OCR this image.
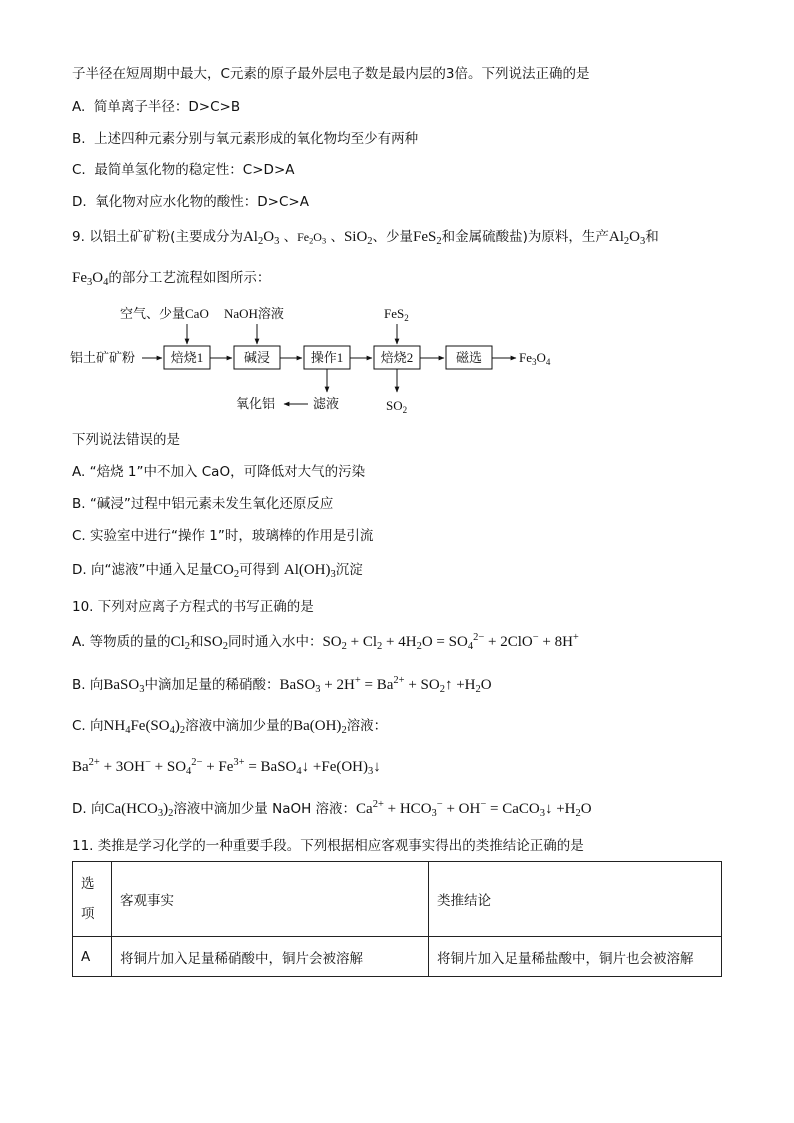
子半径在短周期中最大，C元素的原子最外层电子数是最内层的3倍。下列说法正确的是
A. 简单离子半径：D>C>B
B. 上述四种元素分别与氧元素形成的氧化物均至少有两种
C. 最简单氢化物的稳定性：C>D>A
D. 氧化物对应水化物的酸性：D>C>A
9. 以铝土矿矿粉(主要成分为$Al_2O_3$ 、$Fe_2O_3$ 、SiO$_2$、少量FeS$_2$和金属硫酸盐)为原料，生产$Al_2O_3$和
$Fe_3O_4$的部分工艺流程如图所示：
铝土矿矿粉	焙烧1	碱浸	操作1	焙烧2	磁选	$Fe_3O_4$
空气、少量CaO NaOH溶液	FeS$_2$
滤液
氧化铝	$SO_2$
下列说法错误的是
A. “焙烧 1”中不加入 CaO，可降低对大气的污染
B. “碱浸”过程中铝元素未发生氧化还原反应
C. 实验室中进行“操作 1”时，玻璃棒的作用是引流
D. 向“滤液”中通入足量$CO_2$可得到 $Al(OH)_3$沉淀
10. 下列对应离子方程式的书写正确的是
A. 等物质的量的$Cl_2$和$SO_2$同时通入水中：$SO_2 + Cl_2 + 4H_2O = SO_4^{2-} + 2ClO^- + 8H^+$
B. 向BaSO$_3$中滴加足量的稀硝酸：BaSO$_3$ + $2H^+ = Ba^{2+}$ + $SO_2↑ +H_2O$
C. 向$NH_4Fe(SO_4)_2$溶液中滴加少量的$Ba(OH)_2$溶液：
$Ba^{2+} + 3OH^- + SO_4^{2-} + Fe^{3+}$ = BaSO$_4$↓ $+Fe(OH)_3↓$
D. 向$Ca(HCO_3)_2$溶液中滴加少量 NaOH 溶液：$Ca^{2+} + HCO_3^- + OH^-$ = CaCO$_3$↓ $+H_2O$
11. 类推是学习化学的一种重要手段。下列根据相应客观事实得出的类推结论正确的是
选
项	客观事实	类推结论
A	将铜片加入足量稀硝酸中，铜片会被溶解	将铜片加入足量稀盐酸中，铜片也会被溶解
